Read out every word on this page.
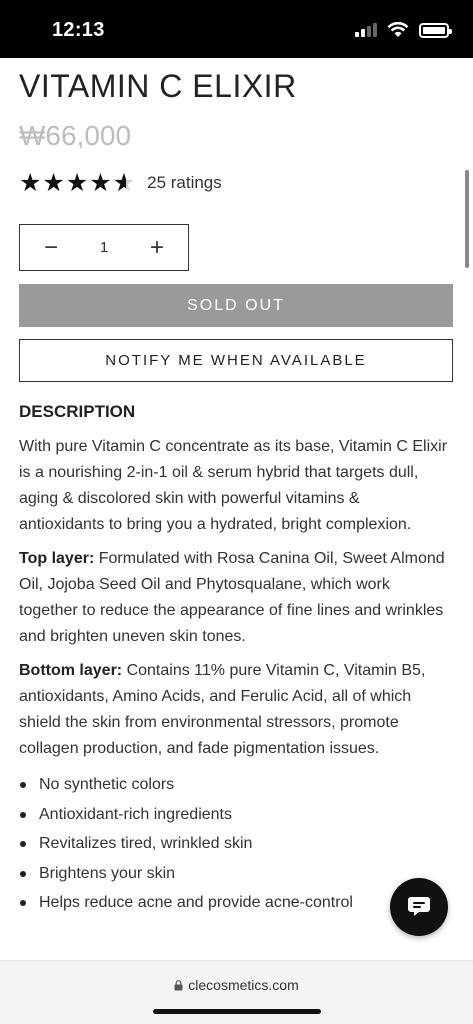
12:13
VITAMIN C ELIXIR
₩66,000
★ ★ ★ ★
★ ★ 25 ratings
−	1 +
SOLD OUT
NOTIFY ME WHEN AVAILABLE
DESCRIPTION

With pure Vitamin C concentrate as its base, Vitamin C Elixir is a nourishing 2-in-1 oil & serum hybrid that targets dull, aging & discolored skin with powerful vitamins & antioxidants to bring you a hydrated, bright complexion.

Top layer: Formulated with Rosa Canina Oil, Sweet Almond Oil, Jojoba Seed Oil and Phytosqualane, which work together to reduce the appearance of fine lines and wrinkles and brighten uneven skin tones.

Bottom layer: Contains 11% pure Vitamin C, Vitamin B5, antioxidants, Amino Acids, and Ferulic Acid, all of which shield the skin from environmental stressors, promote collagen production, and fade pigmentation issues.

No synthetic colors
Antioxidant-rich ingredients
Revitalizes tired, wrinkled skin
Brightens your skin
Helps reduce acne and provide acne-control
clecosmetics.com
